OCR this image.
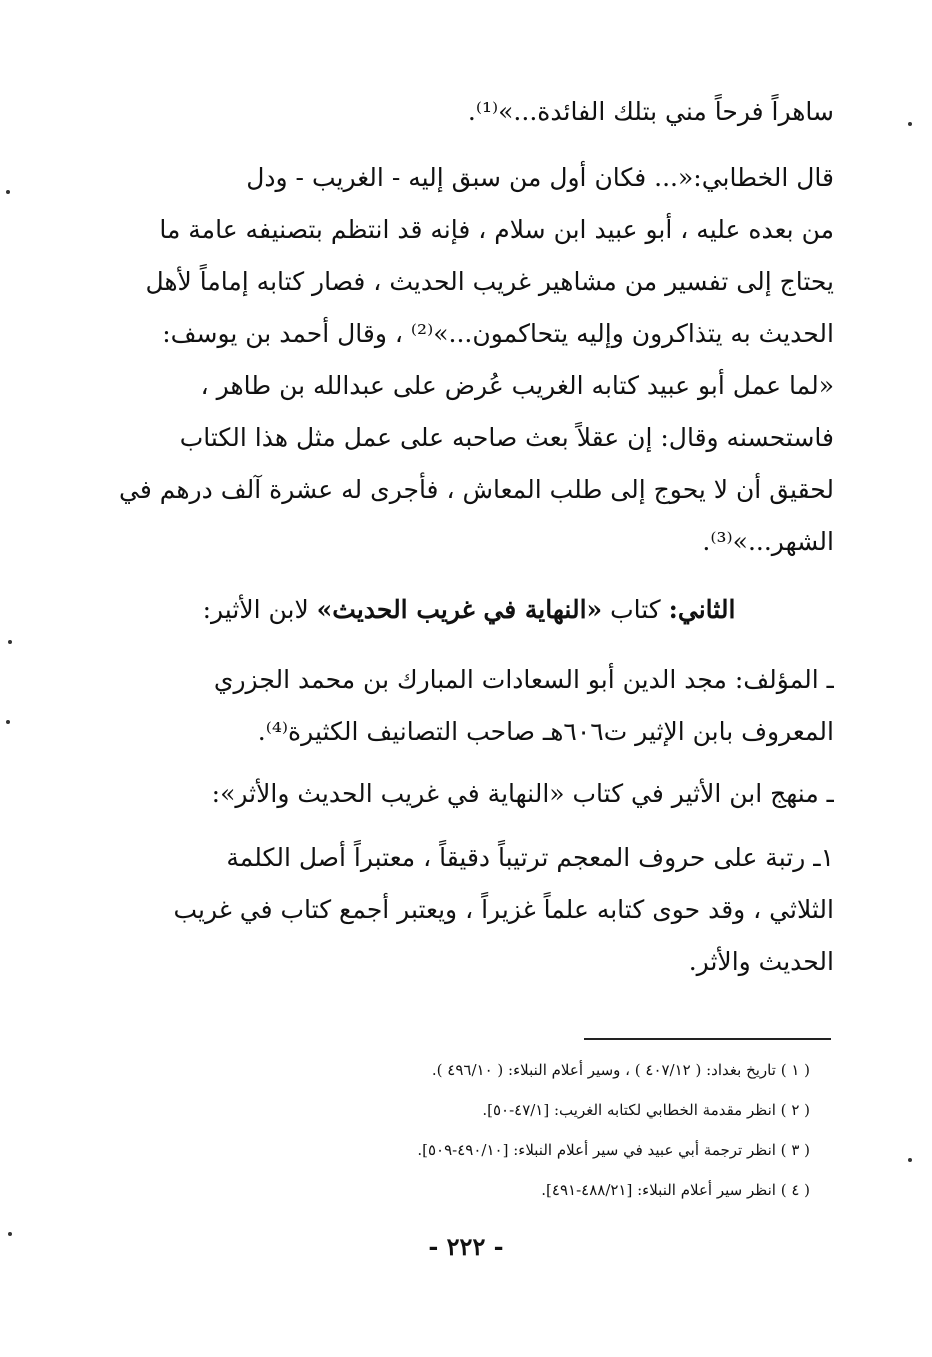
ساهراً فرحاً مني بتلك الفائدة...»⁽¹⁾.
قال الخطابي:«... فكان أول من سبق إليه - الغريب - ودل
من بعده عليه ، أبو عبيد ابن سلام ، فإنه قد انتظم بتصنيفه عامة ما
يحتاج إلى تفسير من مشاهير غريب الحديث ، فصار كتابه إماماً لأهل
الحديث به يتذاكرون وإليه يتحاكمون...»⁽²⁾ ، وقال أحمد بن يوسف:
«لما عمل أبو عبيد كتابه الغريب عُرض على عبدالله بن طاهر ،
فاستحسنه وقال: إن عقلاً بعث صاحبه على عمل مثل هذا الكتاب
لحقيق أن لا يحوج إلى طلب المعاش ، فأجرى له عشرة آلف درهم في
الشهر...»⁽³⁾.
الثاني: كتاب «النهاية في غريب الحديث» لابن الأثير:
ـ المؤلف: مجد الدين أبو السعادات المبارك بن محمد الجزري
المعروف بابن الإثير ت٦٠٦هـ صاحب التصانيف الكثيرة⁽⁴⁾.
ـ منهج ابن الأثير في كتاب «النهاية في غريب الحديث والأثر»:
١ـ رتبة على حروف المعجم ترتيباً دقيقاً ، معتبراً أصل الكلمة
الثلاثي ، وقد حوى كتابه علماً غزيراً ، ويعتبر أجمع كتاب في غريب
الحديث والأثر.
( ١ ) تاريخ بغداد: ( ٤٠٧/١٢ ) ، وسير أعلام النبلاء: ( ٤٩٦/١٠ ).
( ٢ ) انظر مقدمة الخطابي لكتابه الغريب: [٤٧/١-٥٠].
( ٣ ) انظر ترجمة أبي عبيد في سير أعلام النبلاء: [٤٩٠/١٠-٥٠٩].
( ٤ ) انظر سير أعلام النبلاء: [٤٨٨/٢١-٤٩١].
- ٢٢٢ -
